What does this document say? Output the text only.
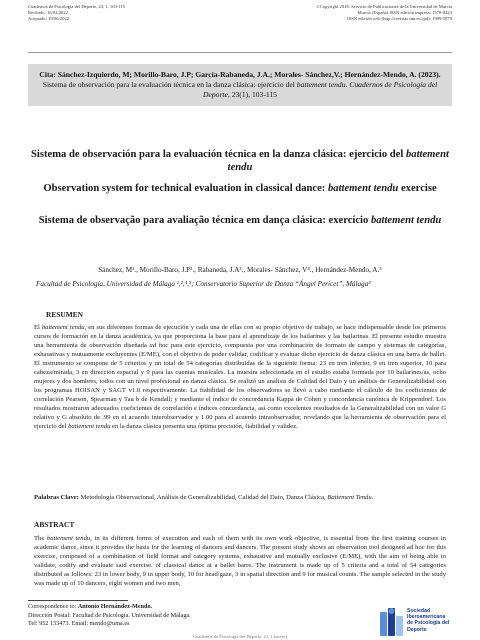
Cuadernos de Psicología del Deporte, 23, 1, 103-115
Recibido: 16/02/2022
Aceptado: 19/06/2022
©Copyright 2018: Servicio de Publicaciones de la Universidad de Murcia
Murcia (España) ISSN edición impresa: 1578-8423
ISSN edición web (http://revistas.um.es/cpd): 1989-5879
Cita: Sánchez-Izquierdo, M; Morillo-Baro, J.P; García-Rabaneda, J.A.; Morales- Sánchez,V.; Hernández-Mendo, A. (2023). Sistema de observación para la evaluación técnica en la danza clásica: ejercicio del battement tendu. Cuadernos de Psicología del Deporte, 23(1), 103-115
Sistema de observación para la evaluación técnica en la danza clásica: ejercicio del battement tendu
Observation system for technical evaluation in classical dance: battement tendu exercise
Sistema de observação para avaliação técnica em dança clásica: exercício battement tendu
Sánchez, M¹., Morillo-Baro, J.P²., Rabaneda, J.A³., Morales- Sánchez, V⁴., Hernández-Mendo, A.⁵
Facultad de Psicología, Universidad de Málaga ¹,²,⁴,⁵; Conservatorio Superior de Danza “Ángel Pericet”, Málaga³
RESUMEN
El battement tendu, en sus diferentes formas de ejecución y cada una de ellas con su propio objetivo de trabajo, se hace indispensable desde los primeros cursos de formación en la danza académica, ya que proporciona la base para el aprendizaje de los bailarines y las bailarinas. El presente estudio muestra una herramienta de observación diseñada ad hoc para este ejercicio, compuesta por una combinación de formato de campo y sistemas de categorías, exhaustivas y mutuamente excluyentes (E/ME), con el objetivo de poder validar, codificar y evaluar dicho ejercicio de danza clásica en una barra de ballet. El instrumento se compone de 5 criterios y un total de 54 categorías distribuidas de la siguiente forma: 23 en tren inferior, 9 en tren superior, 10 para cabeza/mirada, 3 en dirección espacial y 9 para las cuentas musicales. La muestra seleccionada en el estudio estaba formada por 10 bailarines/as, ocho mujeres y dos hombres, todos con un nivel profesional en danza clásica. Se realizó un análisis de Calidad del Dato y un análisis de Generalizabilidad con los programas HOISAN y SAGT v1.0 respectivamente. La fiabilidad de los observadores se llevó a cabo mediante el cálculo de los coeficientes de correlación Pearson, Spearman y Tau b de Kendall; y mediante el índice de concordancia Kappa de Cohen y concordancia canónica de Krippendorf. Los resultados mostraron adecuados coeficientes de correlación e índices concordancia, así como excelentes resultados de la Generalizabilidad con un valor G relativo y G absoluto de .99 en el acuerdo interobservador y 1.00 para el acuerdo intraobservador, revelando que la herramienta de observación para el ejercicio del battement tendu en la danza clásica presenta una óptima precisión, fiabilidad y validez.
Palabras Clave: Metodología Observacional, Análisis de Generalizabilidad, Calidad del Dato, Danza Clásica, Battement Tendu.
ABSTRACT
The battement tendu, in its different forms of execution and each of them with its own work objective, is essential from the first training courses in academic dance, since it provides the basis for the learning of dancers and dancers. The present study shows an observation tool designed ad hoc for this exercise, composed of a combination of field format and category systems, exhaustive and mutually exclusive (E/ME), with the aim of being able to validate, codify and evaluate said exercise. of classical dance at a ballet barre. The instrument is made up of 5 criteria and a total of 54 categories distributed as follows: 23 in lower body, 9 in upper body, 10 for head/gaze, 3 in spatial direction and 9 for musical counts. The sample selected in the study was made up of 10 dancers, eight women and two men,
Correspondence to: Antonio Hernández-Mendo.
Dirección Postal: Facultad de Psicología. Universidad de Málaga.
Tel: 952 133473. Email: mendo@uma.es
Cuadernos de Psicología del Deporte, 23, 1 (enero)
Sociedad
Iberoamericana
de Psicología del
Deporte
